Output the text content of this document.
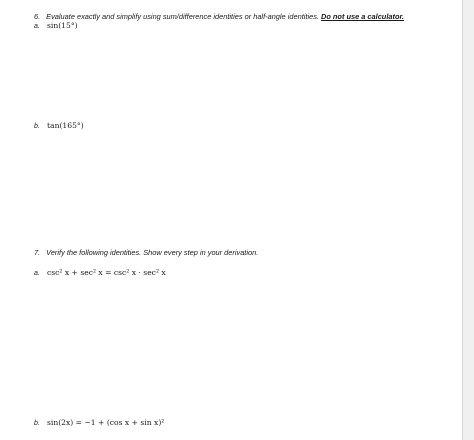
6. Evaluate exactly and simplify using sum/difference identities or half-angle identities. Do not use a calculator.
a. sin(15°)
b. tan(165°)
7. Verify the following identities. Show every step in your derivation.
a. csc² x + sec² x = csc² x · sec² x
b. sin(2x) = −1 + (cos x + sin x)²
